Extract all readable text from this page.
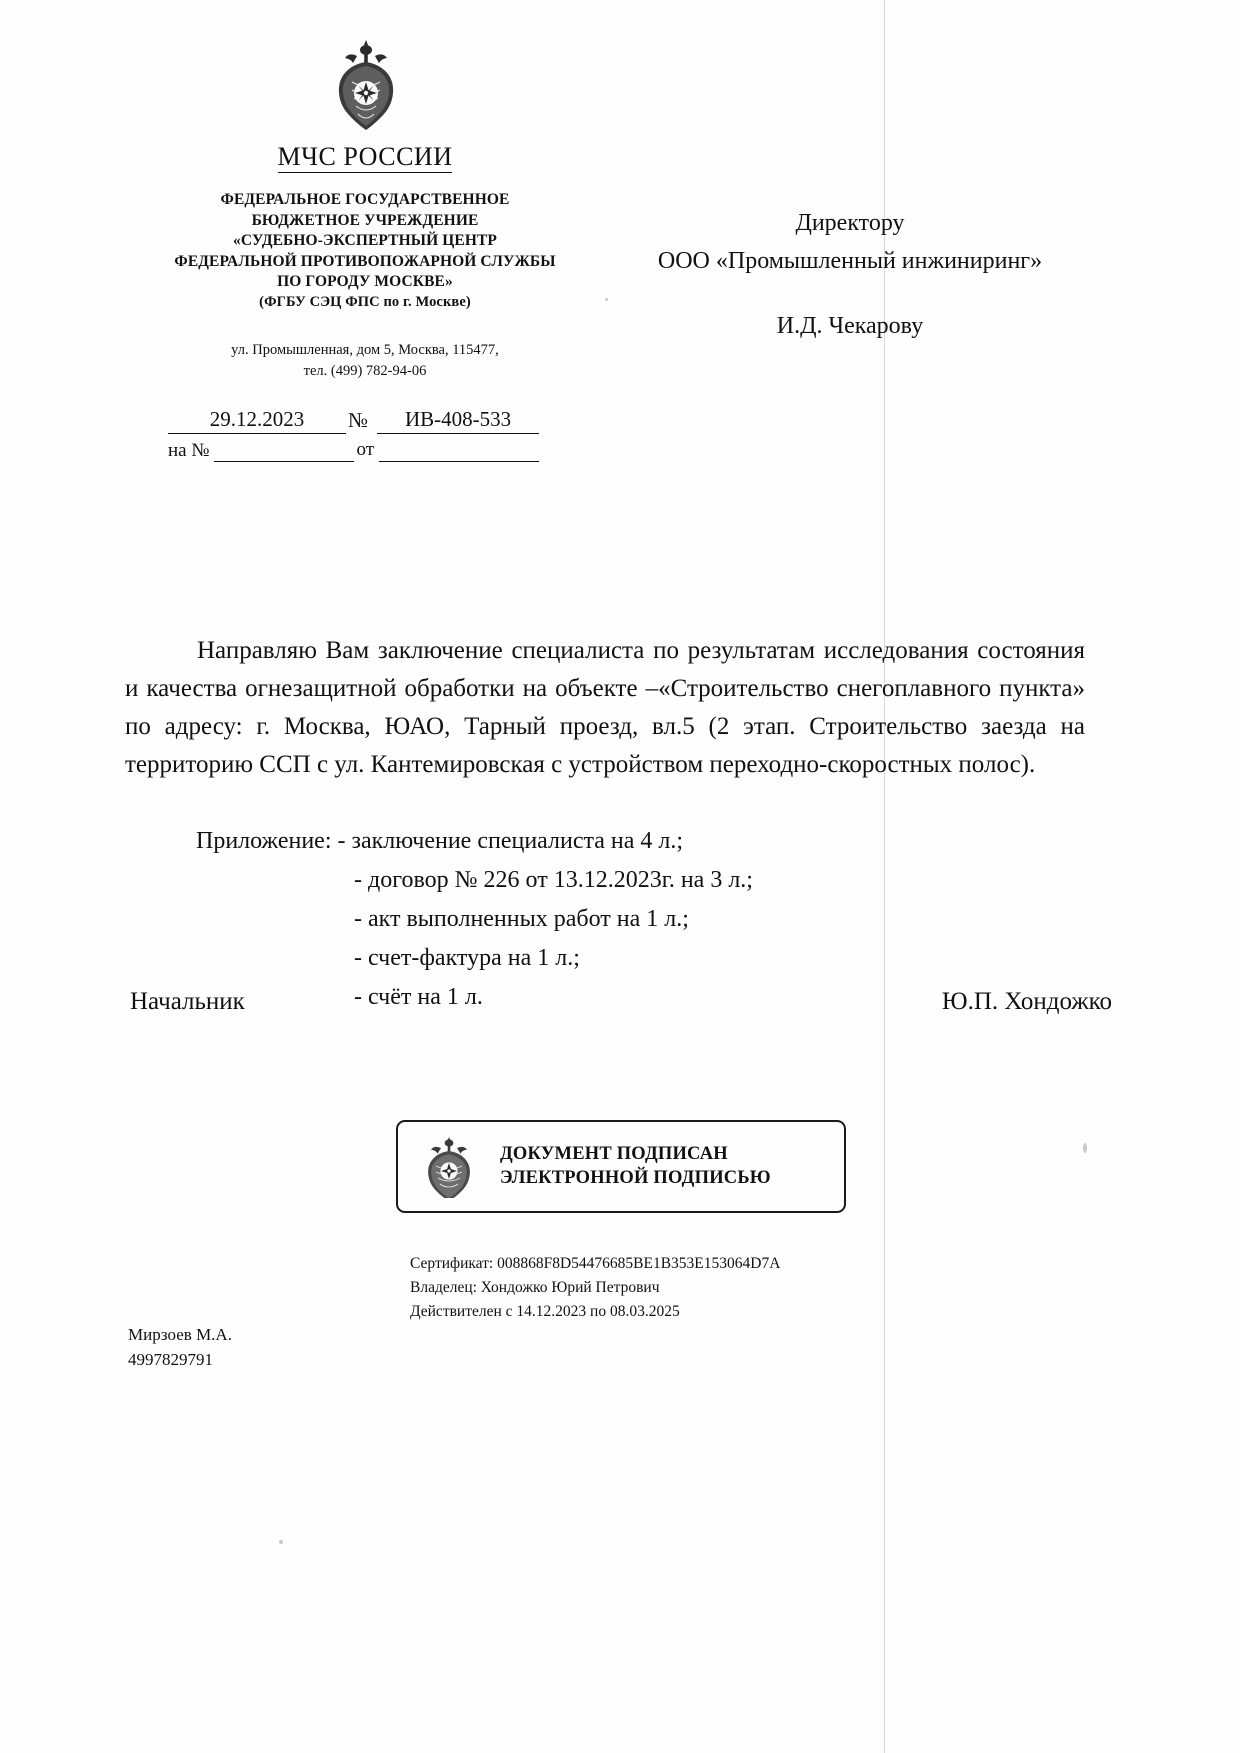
МЧС РОССИИ
ФЕДЕРАЛЬНОЕ ГОСУДАРСТВЕННОЕ
БЮДЖЕТНОЕ УЧРЕЖДЕНИЕ
«СУДЕБНО-ЭКСПЕРТНЫЙ ЦЕНТР
ФЕДЕРАЛЬНОЙ ПРОТИВОПОЖАРНОЙ СЛУЖБЫ
ПО ГОРОДУ МОСКВЕ»
(ФГБУ СЭЦ ФПС по г. Москве)
ул. Промышленная, дом 5, Москва, 115477,
тел. (499) 782-94-06
29.12.2023	№	ИВ-408-533
на №
	от

Директору
ООО «Промышленный инжиниринг»
И.Д. Чекарову
Направляю Вам заключение специалиста по результатам исследования состояния и качества огнезащитной обработки на объекте –«Строительство снегоплавного пункта» по адресу: г. Москва, ЮАО, Тарный проезд, вл.5 (2 этап. Строительство заезда на территорию ССП с ул. Кантемировская с устройством переходно-скоростных полос).
Приложение: - заключение специалиста на 4 л.;
- договор № 226 от 13.12.2023г. на 3 л.;
- акт выполненных работ на 1 л.;
- счет-фактура на 1 л.;
- счёт на 1 л.
Начальник	Ю.П. Хондожко
ДОКУМЕНТ ПОДПИСАН
ЭЛЕКТРОННОЙ ПОДПИСЬЮ
Сертификат: 008868F8D54476685BE1B353E153064D7A
Владелец: Хондожко Юрий Петрович
Действителен с 14.12.2023 по 08.03.2025
Мирзоев М.А.
4997829791
